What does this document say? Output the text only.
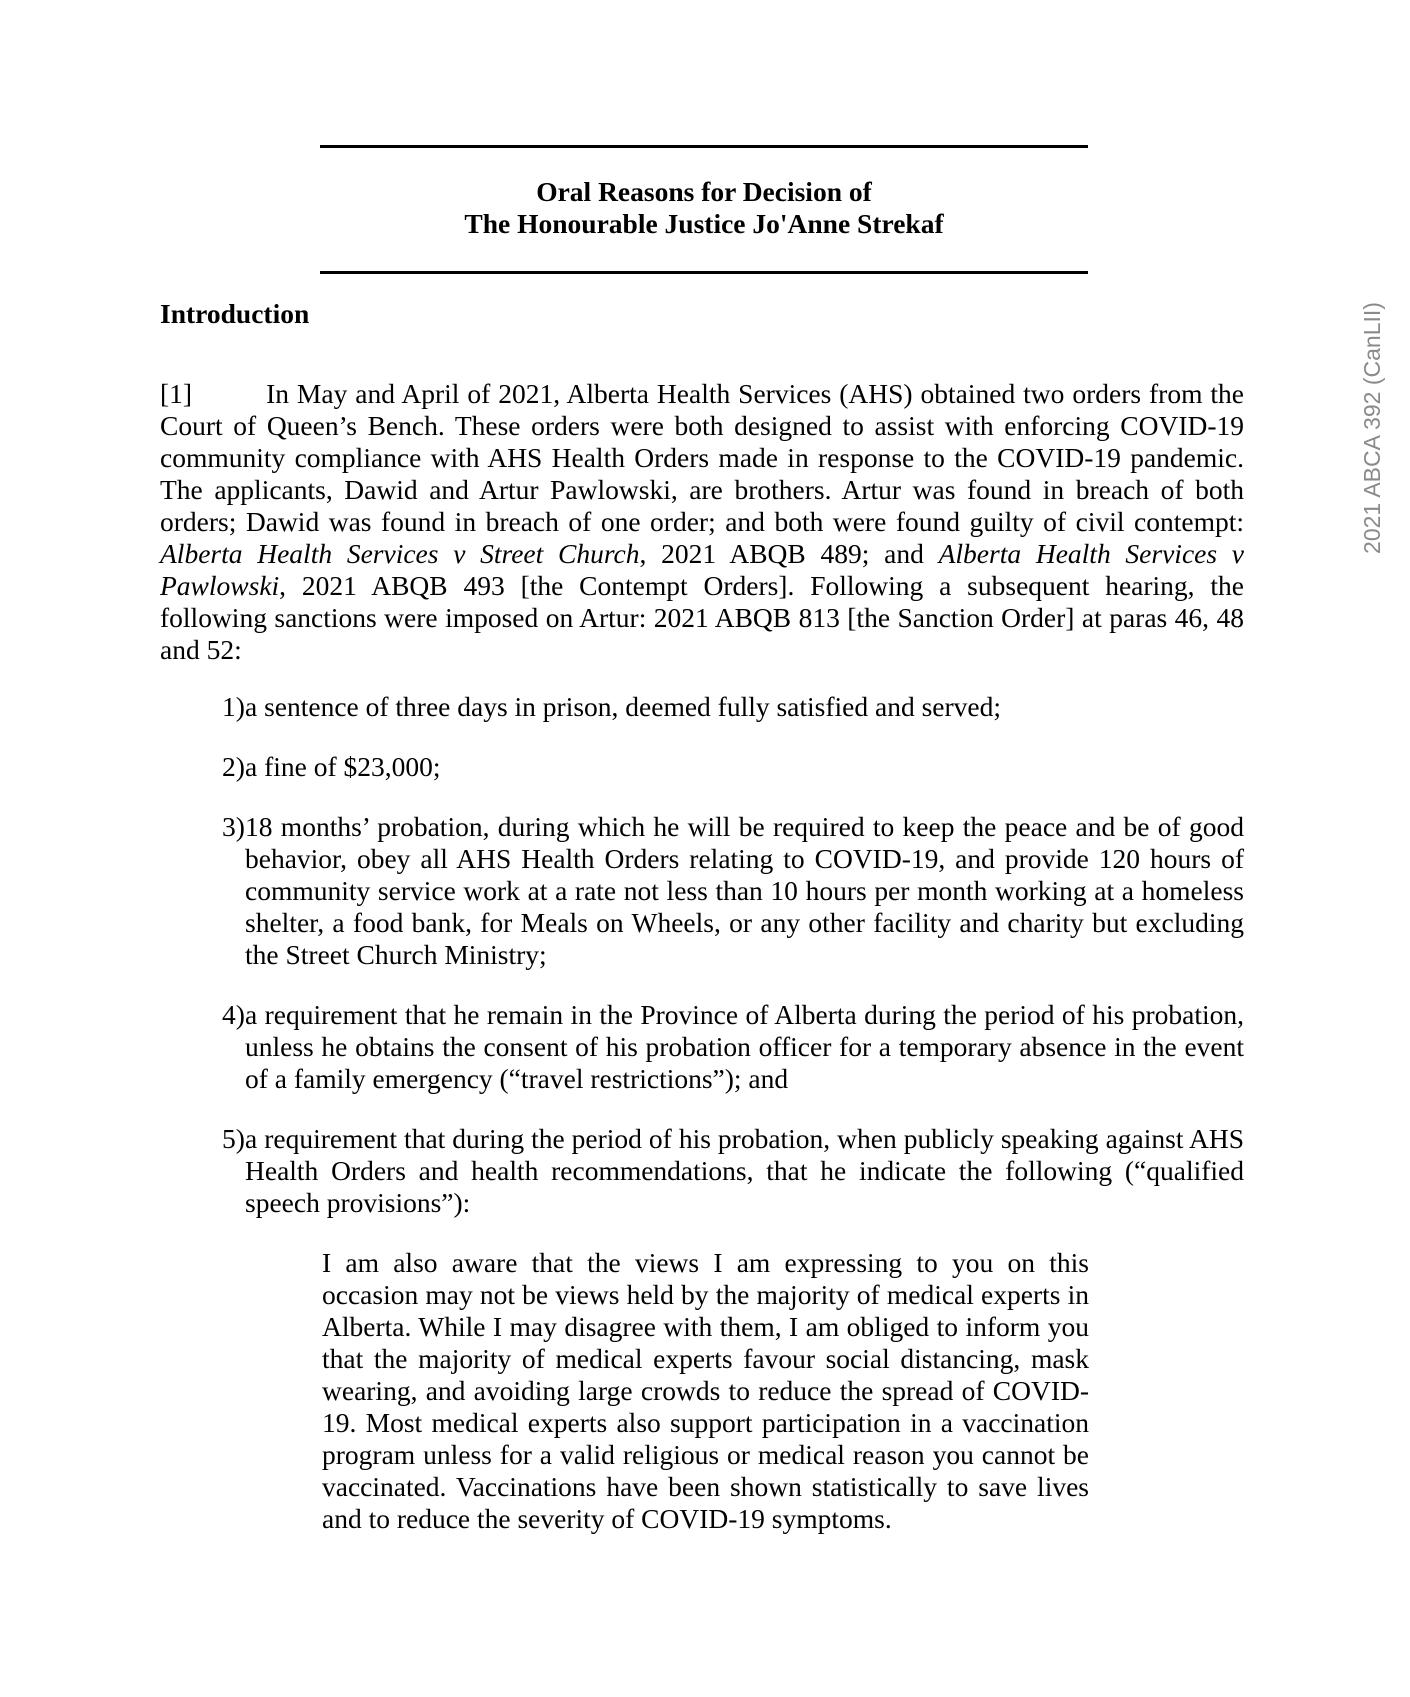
Oral Reasons for Decision of
The Honourable Justice Jo'Anne Strekaf
Introduction

[1]	In May and April of 2021, Alberta Health Services (AHS) obtained two orders from the Court of Queen’s Bench. These orders were both designed to assist with enforcing COVID-19 community compliance with AHS Health Orders made in response to the COVID-19 pandemic. The applicants, Dawid and Artur Pawlowski, are brothers. Artur was found in breach of both orders; Dawid was found in breach of one order; and both were found guilty of civil contempt: Alberta Health Services v Street Church, 2021 ABQB 489; and Alberta Health Services v Pawlowski, 2021 ABQB 493 [the Contempt Orders]. Following a subsequent hearing, the following sanctions were imposed on Artur: 2021 ABQB 813 [the Sanction Order] at paras 46, 48 and 52:

1) a sentence of three days in prison, deemed fully satisfied and served;
2) a fine of $23,000;
3) 18 months’ probation, during which he will be required to keep the peace and be of good behavior, obey all AHS Health Orders relating to COVID-19, and provide 120 hours of community service work at a rate not less than 10 hours per month working at a homeless shelter, a food bank, for Meals on Wheels, or any other facility and charity but excluding the Street Church Ministry;
4) a requirement that he remain in the Province of Alberta during the period of his probation, unless he obtains the consent of his probation officer for a temporary absence in the event of a family emergency (“travel restrictions”); and
5) a requirement that during the period of his probation, when publicly speaking against AHS Health Orders and health recommendations, that he indicate the following (“qualified speech provisions”):
I am also aware that the views I am expressing to you on this occasion may not be views held by the majority of medical experts in Alberta. While I may disagree with them, I am obliged to inform you that the majority of medical experts favour social distancing, mask wearing, and avoiding large crowds to reduce the spread of COVID-19. Most medical experts also support participation in a vaccination program unless for a valid religious or medical reason you cannot be vaccinated. Vaccinations have been shown statistically to save lives and to reduce the severity of COVID-19 symptoms.
2021 ABCA 392 (CanLII)
